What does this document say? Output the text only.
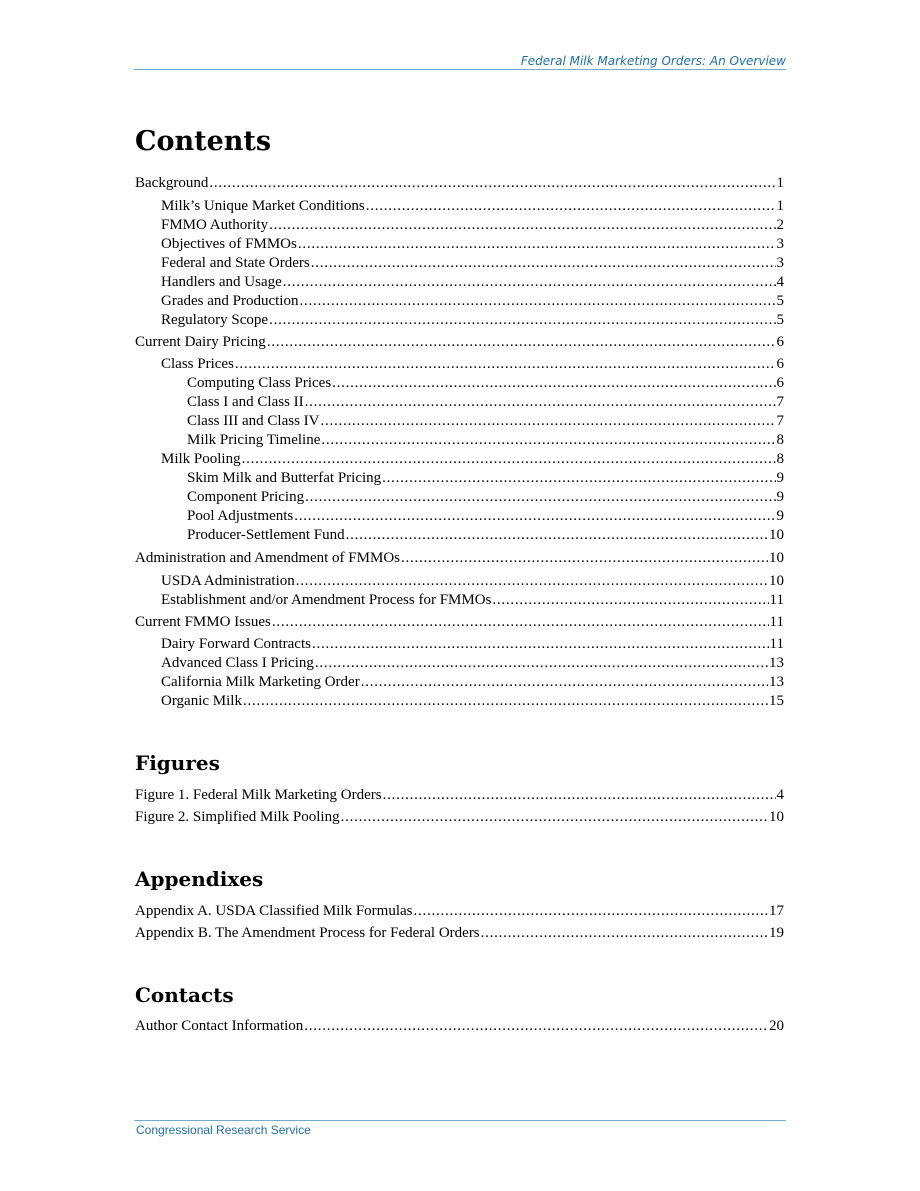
Federal Milk Marketing Orders: An Overview
Contents
Background . . .	1
Milk’s Unique Market Conditions . . .	1
FMMO Authority . . .	2
Objectives of FMMOs . . .	3
Federal and State Orders . . .	3
Handlers and Usage . . .	4
Grades and Production . . .	5
Regulatory Scope . . .	5
Current Dairy Pricing . . .	6
Class Prices . . .	6
Computing Class Prices . . .	6
Class I and Class II . . .	7
Class III and Class IV . . .	7
Milk Pricing Timeline . . .	8
Milk Pooling . . .	8
Skim Milk and Butterfat Pricing . . .	9
Component Pricing . . .	9
Pool Adjustments . . .	9
Producer-Settlement Fund . . .	10
Administration and Amendment of FMMOs . . .	10
USDA Administration . . .	10
Establishment and/or Amendment Process for FMMOs . . .	11
Current FMMO Issues . . .	11
Dairy Forward Contracts . . .	11
Advanced Class I Pricing . . .	13
California Milk Marketing Order . . .	13
Organic Milk . . .	15
Figures
Figure 1. Federal Milk Marketing Orders . . .	4
Figure 2. Simplified Milk Pooling . . .	10
Appendixes
Appendix A. USDA Classified Milk Formulas . . .	17
Appendix B. The Amendment Process for Federal Orders . . .	19
Contacts
Author Contact Information . . .	20
Congressional Research Service
